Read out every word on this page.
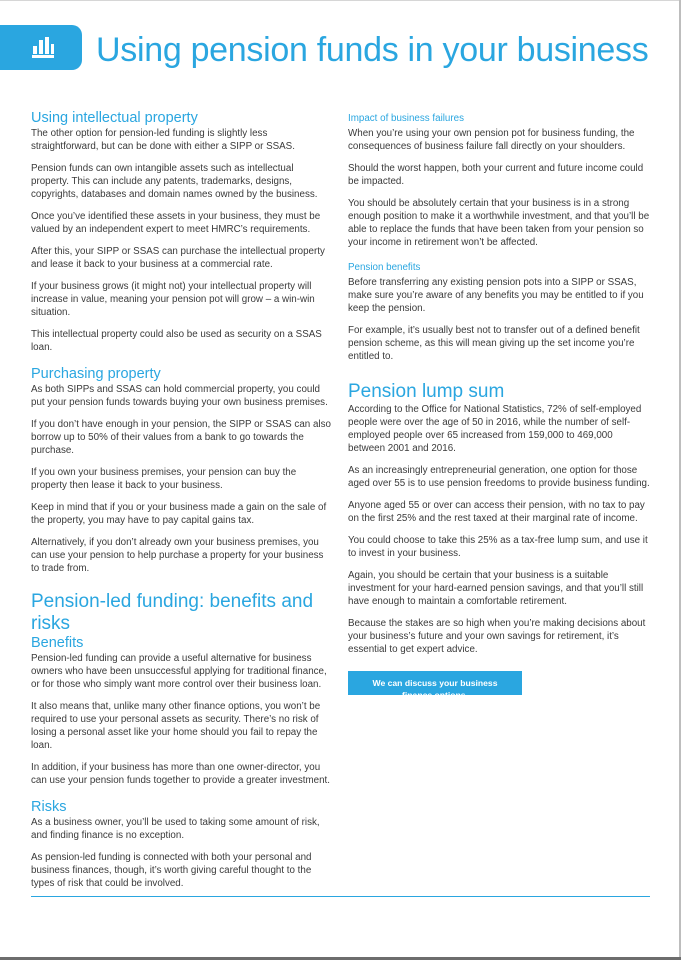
Using pension funds in your business
Using intellectual property

The other option for pension-led funding is slightly less straightforward, but can be done with either a SIPP or SSAS.

Pension funds can own intangible assets such as intellectual property. This can include any patents, trademarks, designs, copyrights, databases and domain names owned by the business.

Once you’ve identified these assets in your business, they must be valued by an independent expert to meet HMRC’s requirements.

After this, your SIPP or SSAS can purchase the intellectual property and lease it back to your business at a commercial rate.

If your business grows (it might not) your intellectual property will increase in value, meaning your pension pot will grow – a win-win situation.

This intellectual property could also be used as security on a SSAS loan.

Purchasing property

As both SIPPs and SSAS can hold commercial property, you could put your pension funds towards buying your own business premises.

If you don’t have enough in your pension, the SIPP or SSAS can also borrow up to 50% of their values from a bank to go towards the purchase.

If you own your business premises, your pension can buy the property then lease it back to your business.

Keep in mind that if you or your business made a gain on the sale of the property, you may have to pay capital gains tax.

Alternatively, if you don’t already own your business premises, you can use your pension to help purchase a property for your business to trade from.

Pension-led funding: benefits and risks
Benefits

Pension-led funding can provide a useful alternative for business owners who have been unsuccessful applying for traditional finance, or for those who simply want more control over their business loan.

It also means that, unlike many other finance options, you won’t be required to use your personal assets as security. There’s no risk of losing a personal asset like your home should you fail to repay the loan.

In addition, if your business has more than one owner-director, you can use your pension funds together to provide a greater investment.

Risks

As a business owner, you’ll be used to taking some amount of risk, and finding finance is no exception.

As pension-led funding is connected with both your personal and business finances, though, it’s worth giving careful thought to the types of risk that could be involved.

Impact of business failures

When you’re using your own pension pot for business funding, the consequences of business failure fall directly on your shoulders.

Should the worst happen, both your current and future income could be impacted.

You should be absolutely certain that your business is in a strong enough position to make it a worthwhile investment, and that you’ll be able to replace the funds that have been taken from your pension so your income in retirement won’t be affected.

Pension benefits

Before transferring any existing pension pots into a SIPP or SSAS, make sure you’re aware of any benefits you may be entitled to if you keep the pension.

For example, it’s usually best not to transfer out of a defined benefit pension scheme, as this will mean giving up the set income you’re entitled to.

Pension lump sum

According to the Office for National Statistics, 72% of self-employed people were over the age of 50 in 2016, while the number of self-employed people over 65 increased from 159,000 to 469,000 between 2001 and 2016.

As an increasingly entrepreneurial generation, one option for those aged over 55 is to use pension freedoms to provide business funding.

Anyone aged 55 or over can access their pension, with no tax to pay on the first 25% and the rest taxed at their marginal rate of income.

You could choose to take this 25% as a tax-free lump sum, and use it to invest in your business.

Again, you should be certain that your business is a suitable investment for your hard-earned pension savings, and that you’ll still have enough to maintain a comfortable retirement.

Because the stakes are so high when you’re making decisions about your business’s future and your own savings for retirement, it’s essential to get expert advice.

We can discuss your business finance options.
